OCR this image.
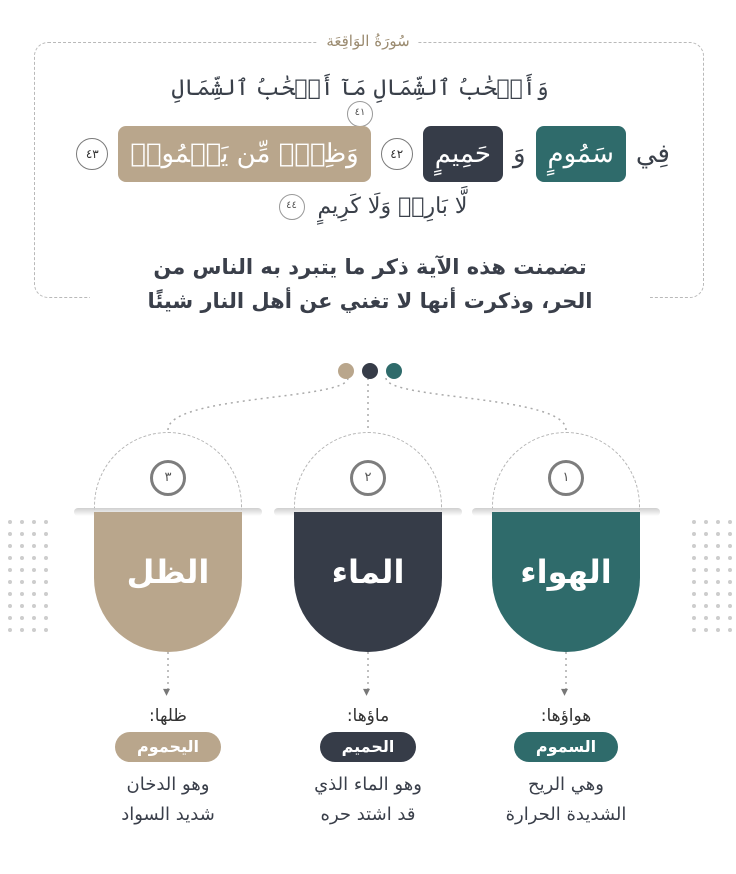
سُورَةُ الوَاقِعَة
وَأَصۡحَٰبُ ٱلشِّمَالِ مَآ أَصۡحَٰبُ ٱلشِّمَالِ ٤١
فِي
سَمُومٍ
وَ
حَمِيمٍ
٤٢
وَظِلّٖ مِّن يَحۡمُومٖ
٤٣
لَّا بَارِدٖ وَلَا كَرِيمٍ ٤٤
تضمنت هذه الآية ذكر ما يتبرد به الناس من
الحر، وذكرت أنها لا تغني عن أهل النار شيئًا
▾
▾
▾
١
الهواء
٢
الماء
٣
الظل
هواؤها:
السموم
وهي الريح
الشديدة الحرارة
ماؤها:
الحميم
وهو الماء الذي
قد اشتد حره
ظلها:
اليحموم
وهو الدخان
شديد السواد
